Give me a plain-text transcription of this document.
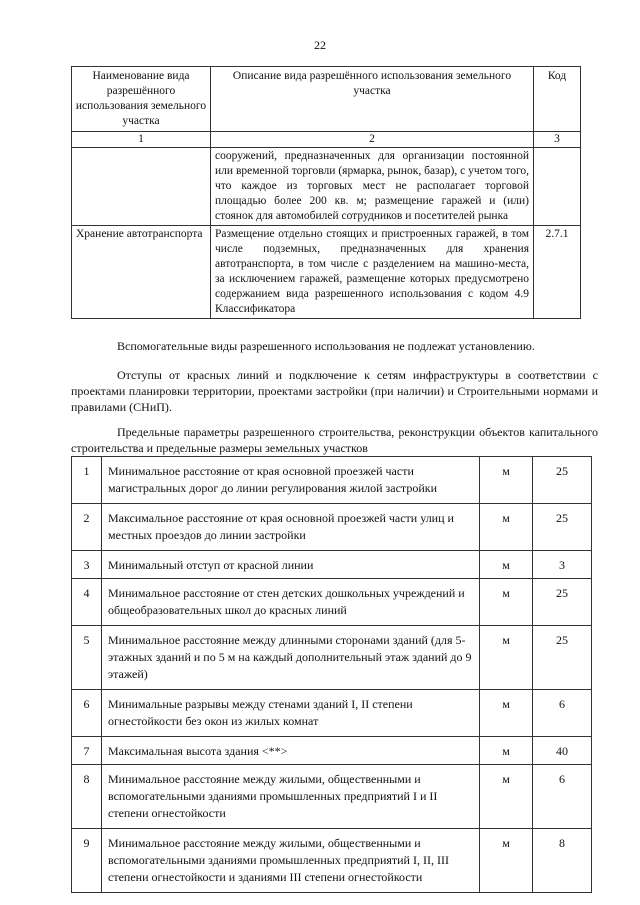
22
Наименование вида разрешённого использования земельного участка	Описание вида разрешённого использования земельного участка	Код
1	2	3
	сооружений, предназначенных для организации постоянной или временной торговли (ярмарка, рынок, базар), с учетом того, что каждое из торговых мест не располагает торговой площадью более 200 кв. м; размещение гаражей и (или) стоянок для автомобилей сотрудников и посетителей рынка	
Хранение автотранспорта	Размещение отдельно стоящих и пристроенных гаражей, в том числе подземных, предназначенных для хранения автотранспорта, в том числе с разделением на машино-места, за исключением гаражей, размещение которых предусмотрено содержанием вида разрешенного использования с кодом 4.9 Классификатора	2.7.1
Вспомогательные виды разрешенного использования не подлежат установлению.
Отступы от красных линий и подключение к сетям инфраструктуры в соответствии с проектами планировки территории, проектами застройки (при наличии) и Строительными нормами и правилами (СНиП).
Предельные параметры разрешенного строительства, реконструкции объектов капитального строительства и предельные размеры земельных участков
1	Минимальное расстояние от края основной проезжей части магистральных дорог до линии регулирования жилой застройки	м	25
2	Максимальное расстояние от края основной проезжей части улиц и местных проездов до линии застройки	м	25
3	Минимальный отступ от красной линии	м	3
4	Минимальное расстояние от стен детских дошкольных учреждений и общеобразовательных школ до красных линий	м	25
5	Минимальное расстояние между длинными сторонами зданий (для 5-этажных зданий и по 5 м на каждый дополнительный этаж зданий до 9 этажей)	м	25
6	Минимальные разрывы между стенами зданий I, II степени огнестойкости без окон из жилых комнат	м	6
7	Максимальная высота здания <**>	м	40
8	Минимальное расстояние между жилыми, общественными и вспомогательными зданиями промышленных предприятий I и II степени огнестойкости	м	6
9	Минимальное расстояние между жилыми, общественными и вспомогательными зданиями промышленных предприятий I, II, III степени огнестойкости и зданиями III степени огнестойкости	м	8
